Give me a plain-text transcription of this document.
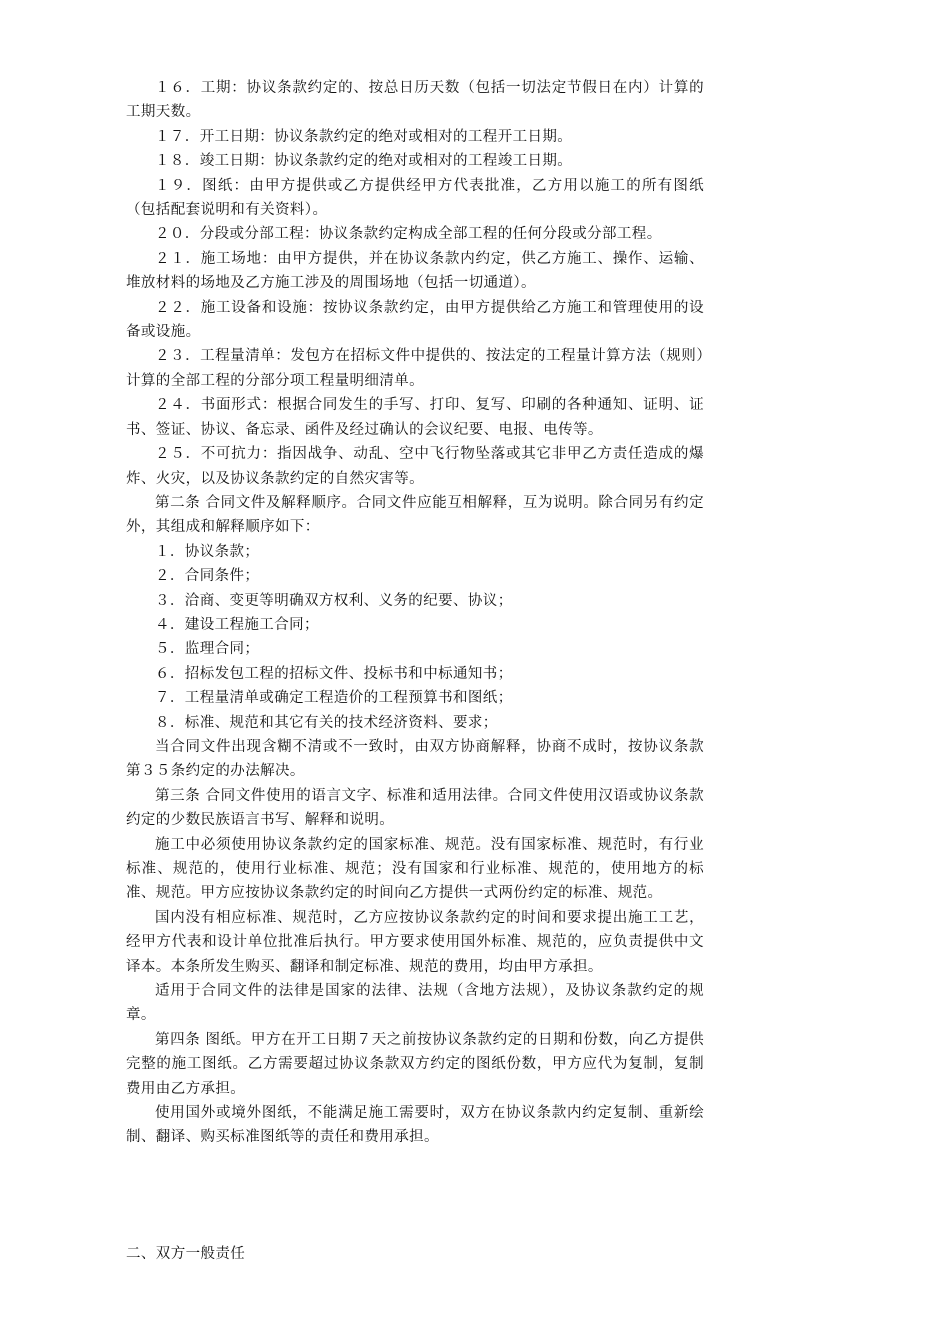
１６．工期：协议条款约定的、按总日历天数（包括一切法定节假日在内）计算的工期天数。

１７．开工日期：协议条款约定的绝对或相对的工程开工日期。

１８．竣工日期：协议条款约定的绝对或相对的工程竣工日期。

１９．图纸：由甲方提供或乙方提供经甲方代表批准，乙方用以施工的所有图纸（包括配套说明和有关资料）。

２０．分段或分部工程：协议条款约定构成全部工程的任何分段或分部工程。

２１．施工场地：由甲方提供，并在协议条款内约定，供乙方施工、操作、运输、堆放材料的场地及乙方施工涉及的周围场地（包括一切通道）。

２２．施工设备和设施：按协议条款约定，由甲方提供给乙方施工和管理使用的设备或设施。

２３．工程量清单：发包方在招标文件中提供的、按法定的工程量计算方法（规则）计算的全部工程的分部分项工程量明细清单。

２４．书面形式：根据合同发生的手写、打印、复写、印刷的各种通知、证明、证书、签证、协议、备忘录、函件及经过确认的会议纪要、电报、电传等。

２５．不可抗力：指因战争、动乱、空中飞行物坠落或其它非甲乙方责任造成的爆炸、火灾，以及协议条款约定的自然灾害等。

第二条 合同文件及解释顺序。合同文件应能互相解释，互为说明。除合同另有约定外，其组成和解释顺序如下：

１．协议条款；

２．合同条件；

３．洽商、变更等明确双方权利、义务的纪要、协议；

４．建设工程施工合同；

５．监理合同；

６．招标发包工程的招标文件、投标书和中标通知书；

７．工程量清单或确定工程造价的工程预算书和图纸；

８．标准、规范和其它有关的技术经济资料、要求；

当合同文件出现含糊不清或不一致时，由双方协商解释，协商不成时，按协议条款第３５条约定的办法解决。

第三条 合同文件使用的语言文字、标准和适用法律。合同文件使用汉语或协议条款约定的少数民族语言书写、解释和说明。

施工中必须使用协议条款约定的国家标准、规范。没有国家标准、规范时，有行业标准、规范的，使用行业标准、规范；没有国家和行业标准、规范的，使用地方的标准、规范。甲方应按协议条款约定的时间向乙方提供一式两份约定的标准、规范。

国内没有相应标准、规范时，乙方应按协议条款约定的时间和要求提出施工工艺，经甲方代表和设计单位批准后执行。甲方要求使用国外标准、规范的，应负责提供中文译本。本条所发生购买、翻译和制定标准、规范的费用，均由甲方承担。

适用于合同文件的法律是国家的法律、法规（含地方法规），及协议条款约定的规章。

第四条 图纸。甲方在开工日期７天之前按协议条款约定的日期和份数，向乙方提供完整的施工图纸。乙方需要超过协议条款双方约定的图纸份数，甲方应代为复制，复制费用由乙方承担。

使用国外或境外图纸，不能满足施工需要时，双方在协议条款内约定复制、重新绘制、翻译、购买标准图纸等的责任和费用承担。

二、双方一般责任
